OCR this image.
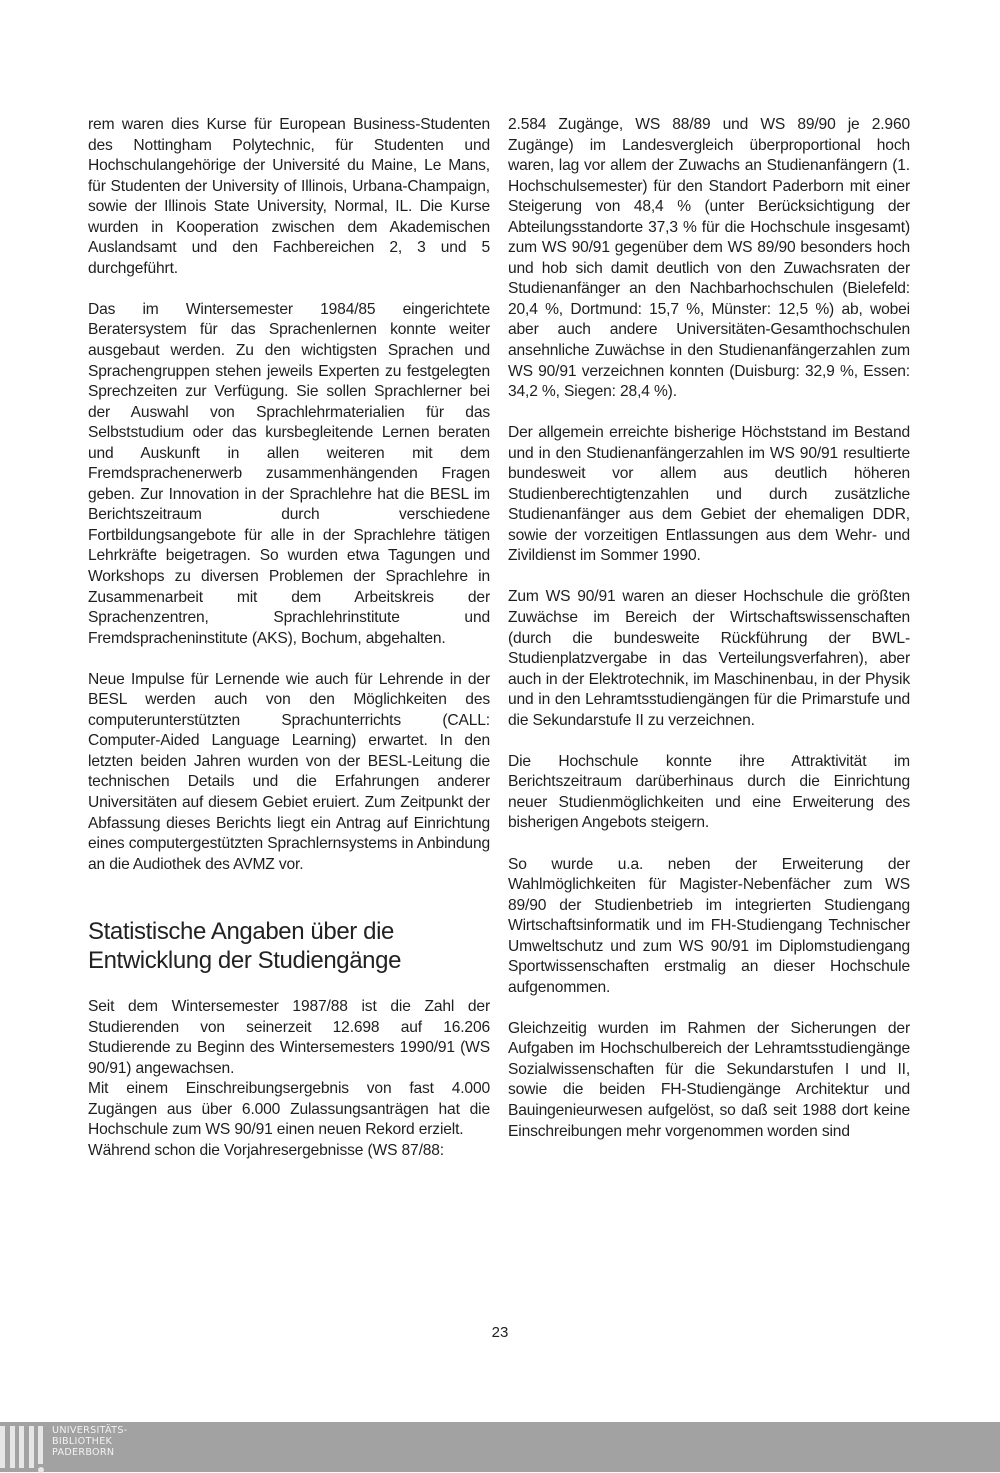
rem waren dies Kurse für European Business-Studenten des Nottingham Polytechnic, für Studenten und Hochschulangehörige der Université du Maine, Le Mans, für Studenten der University of Illinois, Urbana-Champaign, sowie der Illinois State University, Normal, IL. Die Kurse wurden in Kooperation zwischen dem Akademischen Auslandsamt und den Fachbereichen 2, 3 und 5 durchgeführt.

Das im Wintersemester 1984/85 eingerichtete Beratersystem für das Sprachenlernen konnte weiter ausgebaut werden. Zu den wichtigsten Sprachen und Sprachengruppen stehen jeweils Experten zu festgelegten Sprechzeiten zur Verfügung. Sie sollen Sprachlerner bei der Auswahl von Sprachlehrmaterialien für das Selbststudium oder das kursbegleitende Lernen beraten und Auskunft in allen weiteren mit dem Fremdsprachenerwerb zusammenhängenden Fragen geben. Zur Innovation in der Sprachlehre hat die BESL im Berichtszeitraum durch verschiedene Fortbildungsangebote für alle in der Sprachlehre tätigen Lehrkräfte beigetragen. So wurden etwa Tagungen und Workshops zu diversen Problemen der Sprachlehre in Zusammenarbeit mit dem Arbeitskreis der Sprachenzentren, Sprachlehrinstitute und Fremdspracheninstitute (AKS), Bochum, abgehalten.

Neue Impulse für Lernende wie auch für Lehrende in der BESL werden auch von den Möglichkeiten des computerunterstützten Sprachunterrichts (CALL: Computer-Aided Language Learning) erwartet. In den letzten beiden Jahren wurden von der BESL-Leitung die technischen Details und die Erfahrungen anderer Universitäten auf diesem Gebiet eruiert. Zum Zeitpunkt der Abfassung dieses Berichts liegt ein Antrag auf Einrichtung eines computergestützten Sprachlernsystems in Anbindung an die Audiothek des AVMZ vor.

Statistische Angaben über die Entwicklung der Studiengänge

Seit dem Wintersemester 1987/88 ist die Zahl der Studierenden von seinerzeit 12.698 auf 16.206 Studierende zu Beginn des Wintersemesters 1990/91 (WS 90/91) angewachsen.

Mit einem Einschreibungsergebnis von fast 4.000 Zugängen aus über 6.000 Zulassungsanträgen hat die Hochschule zum WS 90/91 einen neuen Rekord erzielt.

Während schon die Vorjahresergebnisse (WS 87/88:

2.584 Zugänge, WS 88/89 und WS 89/90 je 2.960 Zugänge) im Landesvergleich überproportional hoch waren, lag vor allem der Zuwachs an Studienanfängern (1. Hochschulsemester) für den Standort Paderborn mit einer Steigerung von 48,4 % (unter Berücksichtigung der Abteilungsstandorte 37,3 % für die Hochschule insgesamt) zum WS 90/91 gegenüber dem WS 89/90 besonders hoch und hob sich damit deutlich von den Zuwachsraten der Studienanfänger an den Nachbarhochschulen (Bielefeld: 20,4 %, Dortmund: 15,7 %, Münster: 12,5 %) ab, wobei aber auch andere Universitäten-Gesamthochschulen ansehnliche Zuwächse in den Studienanfängerzahlen zum WS 90/91 verzeichnen konnten (Duisburg: 32,9 %, Essen: 34,2 %, Siegen: 28,4 %).

Der allgemein erreichte bisherige Höchststand im Bestand und in den Studienanfängerzahlen im WS 90/91 resultierte bundesweit vor allem aus deutlich höheren Studienberechtigtenzahlen und durch zusätzliche Studienanfänger aus dem Gebiet der ehemaligen DDR, sowie der vorzeitigen Entlassungen aus dem Wehr- und Zivildienst im Sommer 1990.

Zum WS 90/91 waren an dieser Hochschule die größten Zuwächse im Bereich der Wirtschaftswissenschaften (durch die bundesweite Rückführung der BWL-Studienplatzvergabe in das Verteilungsverfahren), aber auch in der Elektrotechnik, im Maschinenbau, in der Physik und in den Lehramtsstudiengängen für die Primarstufe und die Sekundarstufe II zu verzeichnen.

Die Hochschule konnte ihre Attraktivität im Berichtszeitraum darüberhinaus durch die Einrichtung neuer Studienmöglichkeiten und eine Erweiterung des bisherigen Angebots steigern.

So wurde u.a. neben der Erweiterung der Wahlmöglichkeiten für Magister-Nebenfächer zum WS 89/90 der Studienbetrieb im integrierten Studiengang Wirtschaftsinformatik und im FH-Studiengang Technischer Umweltschutz und zum WS 90/91 im Diplomstudiengang Sportwissenschaften erstmalig an dieser Hochschule aufgenommen.

Gleichzeitig wurden im Rahmen der Sicherungen der Aufgaben im Hochschulbereich der Lehramtsstudiengänge Sozialwissenschaften für die Sekundarstufen I und II, sowie die beiden FH-Studiengänge Architektur und Bauingenieurwesen aufgelöst, so daß seit 1988 dort keine Einschreibungen mehr vorgenommen worden sind

23
UNIVERSITÄTS-
BIBLIOTHEK
PADERBORN
